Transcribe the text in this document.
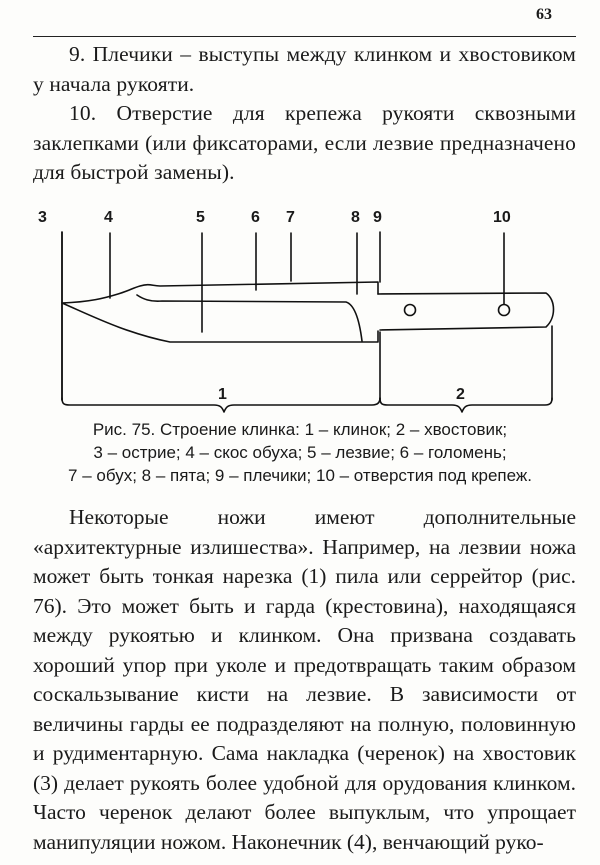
63

9. Плечики – выступы между клинком и хвостовиком у начала рукояти.

10. Отверстие для крепежа рукояти сквозными заклепками (или фиксаторами, если лезвие предназначено для быстрой замены).

3	4	5	6 7	8 9	10
1	2
Рис. 75. Строение клинка: 1 – клинок; 2 – хвостовик;
3 – острие; 4 – скос обуха; 5 – лезвие; 6 – голомень;
7 – обух; 8 – пята; 9 – плечики; 10 – отверстия под крепеж.

Некоторые ножи имеют дополнительные «архитектурные излишества». Например, на лезвии ножа может быть тонкая нарезка (1) пила или серрейтор (рис. 76). Это может быть и гарда (крестовина), находящаяся между рукоятью и клинком. Она призвана создавать хороший упор при уколе и предотвращать таким образом соскальзывание кисти на лезвие. В зависимости от величины гарды ее подразделяют на полную, половинную и рудиментарную. Сама накладка (черенок) на хвостовик (3) делает рукоять более удобной для орудования клинком. Часто черенок делают более выпуклым, что упрощает манипуляции ножом. Наконечник (4), венчающий руко-
